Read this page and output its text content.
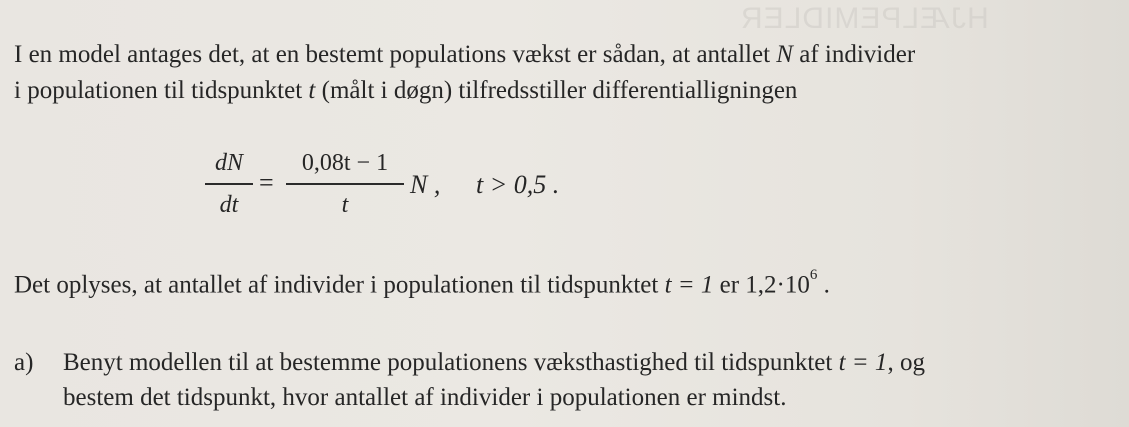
HJÆLPEMIDLER
I en model antages det, at en bestemt populations vækst er sådan, at antallet N af individer
i populationen til tidspunktet t (målt i døgn) tilfredsstiller differentialligningen
dN
dt
=
0,08t − 1
t
N , t > 0,5 .
Det oplyses, at antallet af individer i populationen til tidspunktet t = 1 er $1,2\cdot 10^6$ .
a) Benyt modellen til at bestemme populationens væksthastighed til tidspunktet t = 1, og
bestem det tidspunkt, hvor antallet af individer i populationen er mindst.
